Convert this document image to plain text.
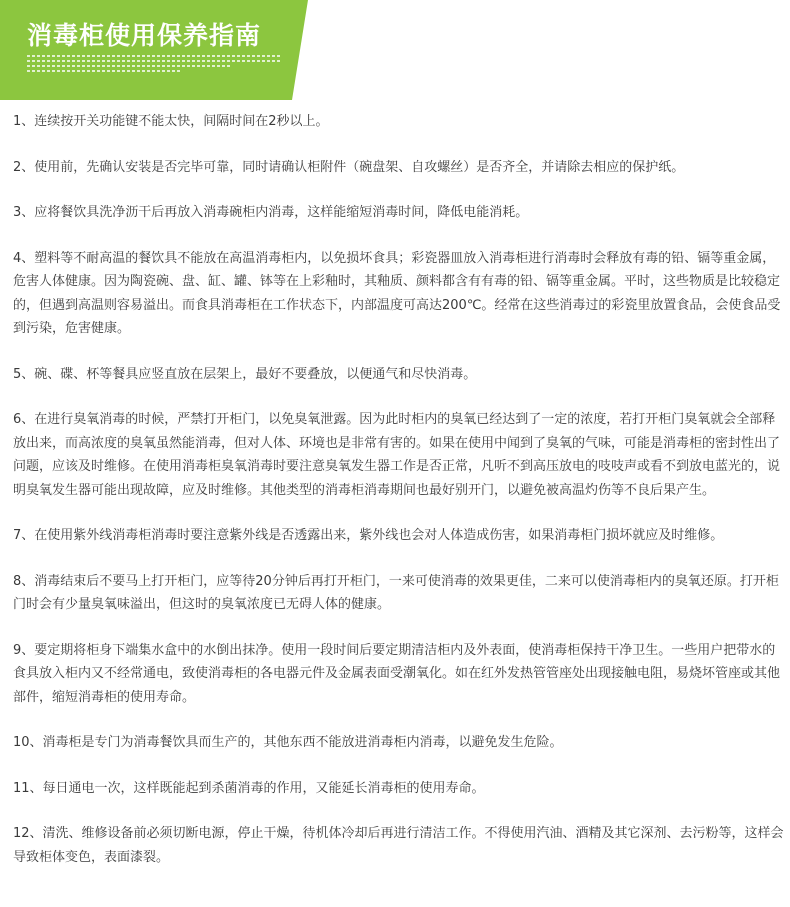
消毒柜使用保养指南

1、连续按开关功能键不能太快，间隔时间在2秒以上。

2、使用前，先确认安装是否完毕可靠，同时请确认柜附件（碗盘架、自攻螺丝）是否齐全，并请除去相应的保护纸。

3、应将餐饮具洗净沥干后再放入消毒碗柜内消毒，这样能缩短消毒时间，降低电能消耗。

4、塑料等不耐高温的餐饮具不能放在高温消毒柜内，以免损坏食具；彩瓷器皿放入消毒柜进行消毒时会释放有毒的铅、镉等重金属，危害人体健康。因为陶瓷碗、盘、缸、罐、钵等在上彩釉时，其釉质、颜料都含有有毒的铅、镉等重金属。平时，这些物质是比较稳定的，但遇到高温则容易溢出。而食具消毒柜在工作状态下，内部温度可高达200℃。经常在这些消毒过的彩瓷里放置食品，会使食品受到污染，危害健康。

5、碗、碟、杯等餐具应竖直放在层架上，最好不要叠放，以便通气和尽快消毒。

6、在进行臭氧消毒的时候，严禁打开柜门，以免臭氧泄露。因为此时柜内的臭氧已经达到了一定的浓度，若打开柜门臭氧就会全部释放出来，而高浓度的臭氧虽然能消毒，但对人体、环境也是非常有害的。如果在使用中闻到了臭氧的气味，可能是消毒柜的密封性出了问题，应该及时维修。在使用消毒柜臭氧消毒时要注意臭氧发生器工作是否正常，凡听不到高压放电的吱吱声或看不到放电蓝光的，说明臭氧发生器可能出现故障，应及时维修。其他类型的消毒柜消毒期间也最好别开门，以避免被高温灼伤等不良后果产生。

7、在使用紫外线消毒柜消毒时要注意紫外线是否透露出来，紫外线也会对人体造成伤害，如果消毒柜门损坏就应及时维修。

8、消毒结束后不要马上打开柜门，应等待20分钟后再打开柜门，一来可使消毒的效果更佳，二来可以使消毒柜内的臭氧还原。打开柜门时会有少量臭氧味溢出，但这时的臭氧浓度已无碍人体的健康。

9、要定期将柜身下端集水盒中的水倒出抹净。使用一段时间后要定期清洁柜内及外表面，使消毒柜保持干净卫生。一些用户把带水的食具放入柜内又不经常通电，致使消毒柜的各电器元件及金属表面受潮氧化。如在红外发热管管座处出现接触电阻，易烧坏管座或其他部件，缩短消毒柜的使用寿命。

10、消毒柜是专门为消毒餐饮具而生产的，其他东西不能放进消毒柜内消毒，以避免发生危险。

11、每日通电一次，这样既能起到杀菌消毒的作用，又能延长消毒柜的使用寿命。

12、清洗、维修设备前必须切断电源，停止干燥，待机体冷却后再进行清洁工作。不得使用汽油、酒精及其它深剂、去污粉等，这样会导致柜体变色，表面漆裂。
